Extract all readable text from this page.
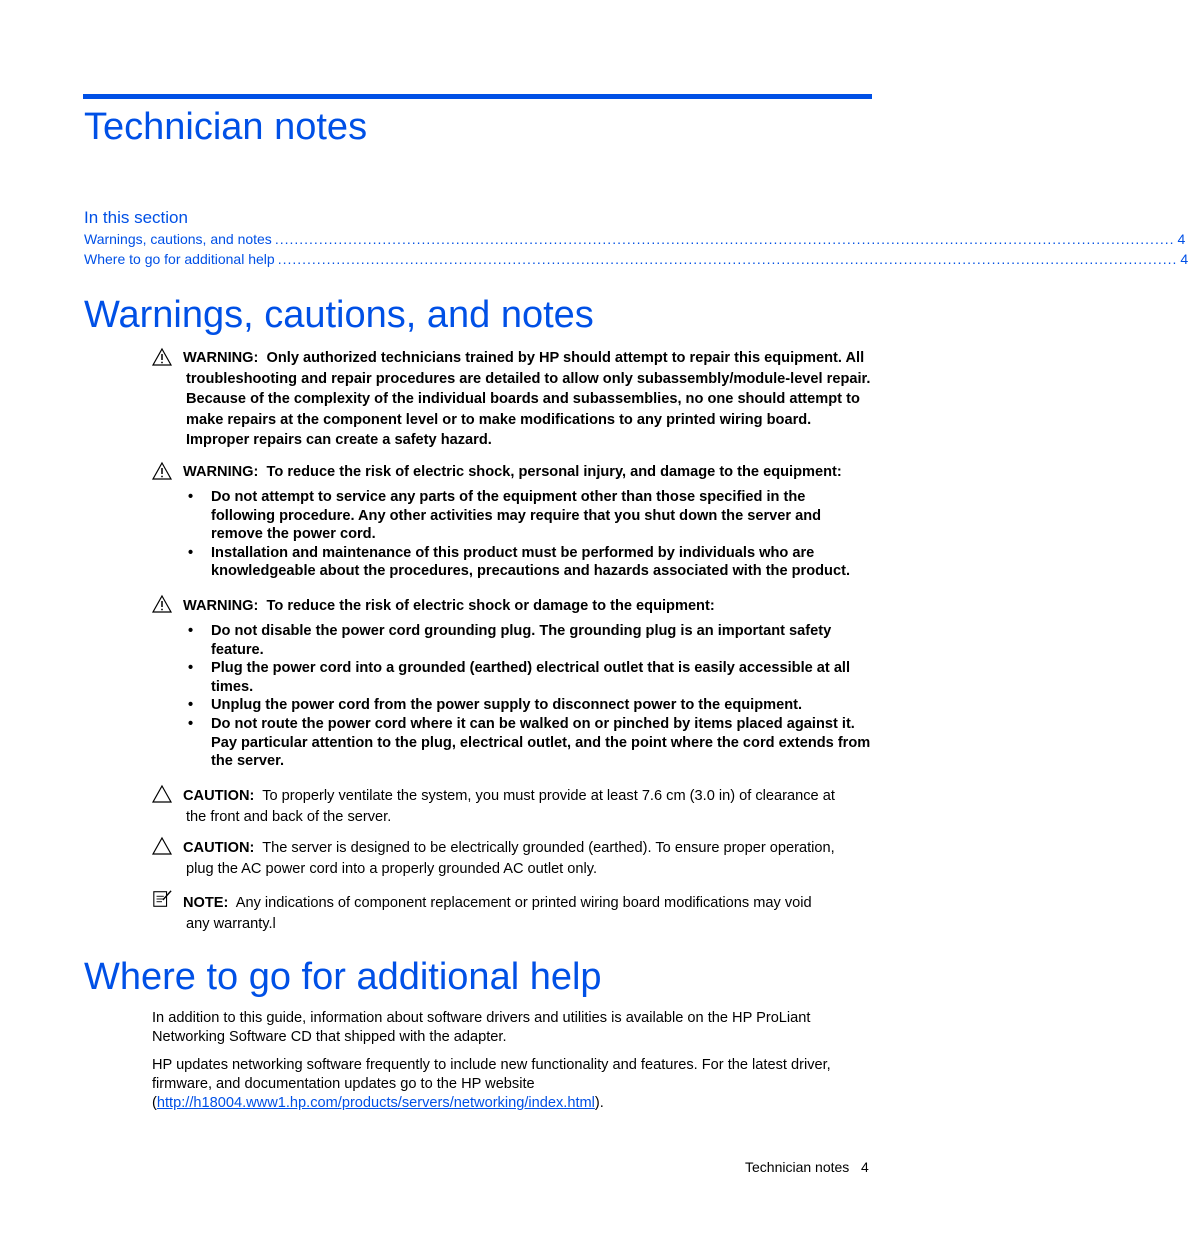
Technician notes
In this section
Warnings, cautions, and notes ........................................................................................................................................................................................ 4
Where to go for additional help ........................................................................................................................................................................................ 4
Warnings, cautions, and notes
WARNING: Only authorized technicians trained by HP should attempt to repair this equipment. All
troubleshooting and repair procedures are detailed to allow only subassembly/module-level repair. Because of the complexity of the individual boards and subassemblies, no one should attempt to make repairs at the component level or to make modifications to any printed wiring board. Improper repairs can create a safety hazard.
WARNING: To reduce the risk of electric shock, personal injury, and damage to the equipment:
• Do not attempt to service any parts of the equipment other than those specified in the following procedure. Any other activities may require that you shut down the server and remove the power cord.
• Installation and maintenance of this product must be performed by individuals who are knowledgeable about the procedures, precautions and hazards associated with the product.
WARNING: To reduce the risk of electric shock or damage to the equipment:
• Do not disable the power cord grounding plug. The grounding plug is an important safety feature.
• Plug the power cord into a grounded (earthed) electrical outlet that is easily accessible at all times.
• Unplug the power cord from the power supply to disconnect power to the equipment.
• Do not route the power cord where it can be walked on or pinched by items placed against it. Pay particular attention to the plug, electrical outlet, and the point where the cord extends from the server.
CAUTION: To properly ventilate the system, you must provide at least 7.6 cm (3.0 in) of clearance at
the front and back of the server.
CAUTION: The server is designed to be electrically grounded (earthed). To ensure proper operation,
plug the AC power cord into a properly grounded AC outlet only.
NOTE: Any indications of component replacement or printed wiring board modifications may void
any warranty.l
Where to go for additional help
In addition to this guide, information about software drivers and utilities is available on the HP ProLiant Networking Software CD that shipped with the adapter.
HP updates networking software frequently to include new functionality and features. For the latest driver, firmware, and documentation updates go to the HP website
(http://h18004.www1.hp.com/products/servers/networking/index.html).
Technician notes 4
